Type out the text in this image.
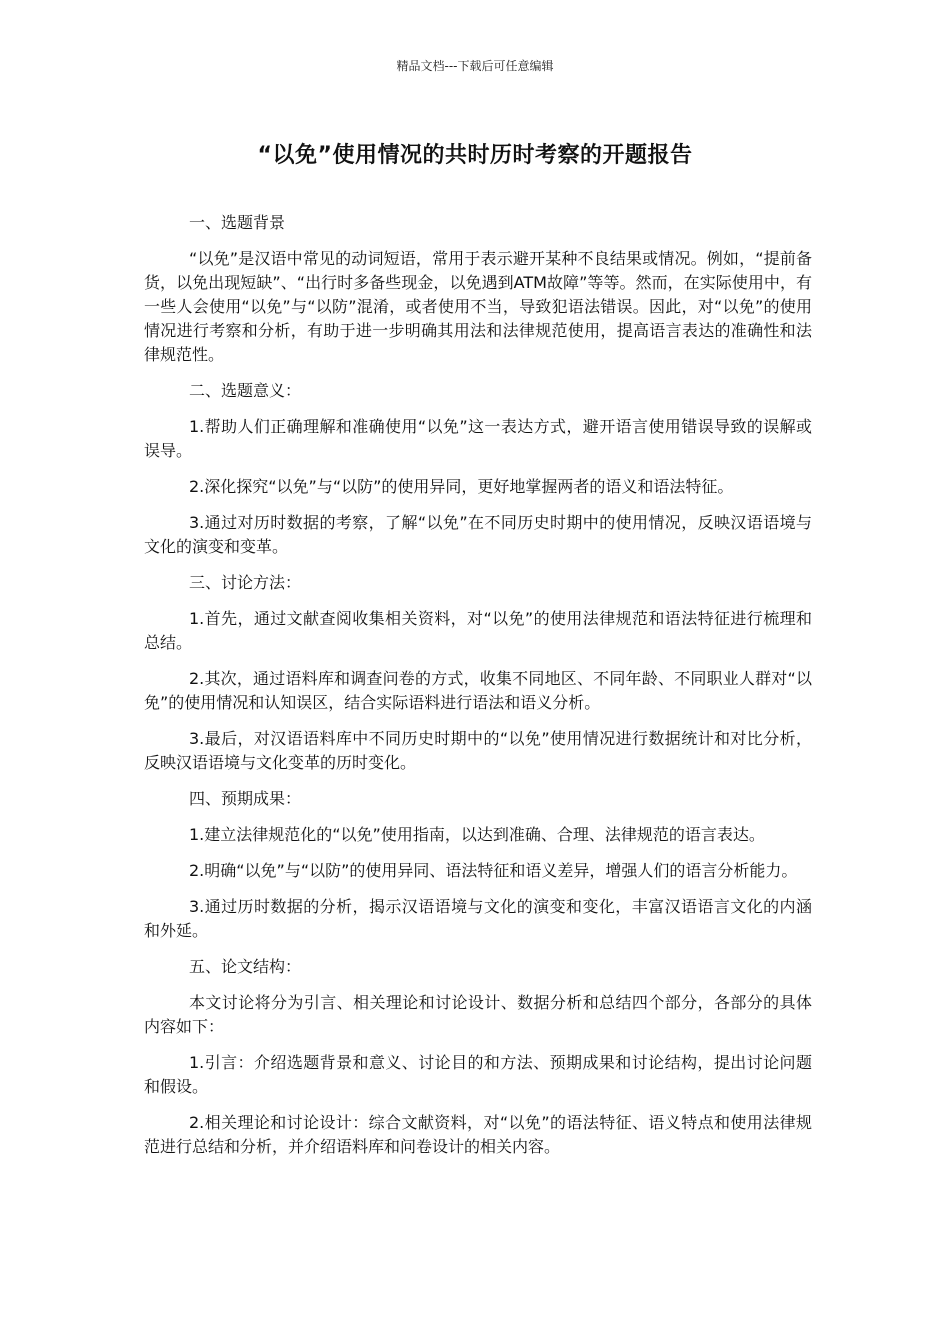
精品文档---下载后可任意编辑
“以免”使用情况的共时历时考察的开题报告

一、选题背景

“以免”是汉语中常见的动词短语，常用于表示避开某种不良结果或情况。例如，“提前备货，以免出现短缺”、“出行时多备些现金，以免遇到ATM故障”等等。然而，在实际使用中，有一些人会使用“以免”与“以防”混淆，或者使用不当，导致犯语法错误。因此，对“以免”的使用情况进行考察和分析，有助于进一步明确其用法和法律规范使用，提高语言表达的准确性和法律规范性。

二、选题意义：

1.帮助人们正确理解和准确使用“以免”这一表达方式，避开语言使用错误导致的误解或误导。

2.深化探究“以免”与“以防”的使用异同，更好地掌握两者的语义和语法特征。

3.通过对历时数据的考察，了解“以免”在不同历史时期中的使用情况，反映汉语语境与文化的演变和变革。

三、讨论方法：

1.首先，通过文献查阅收集相关资料，对“以免”的使用法律规范和语法特征进行梳理和总结。

2.其次，通过语料库和调查问卷的方式，收集不同地区、不同年龄、不同职业人群对“以免”的使用情况和认知误区，结合实际语料进行语法和语义分析。

3.最后，对汉语语料库中不同历史时期中的“以免”使用情况进行数据统计和对比分析，反映汉语语境与文化变革的历时变化。

四、预期成果：

1.建立法律规范化的“以免”使用指南，以达到准确、合理、法律规范的语言表达。

2.明确“以免”与“以防”的使用异同、语法特征和语义差异，增强人们的语言分析能力。

3.通过历时数据的分析，揭示汉语语境与文化的演变和变化，丰富汉语语言文化的内涵和外延。

五、论文结构：

本文讨论将分为引言、相关理论和讨论设计、数据分析和总结四个部分，各部分的具体内容如下：

1.引言：介绍选题背景和意义、讨论目的和方法、预期成果和讨论结构，提出讨论问题和假设。

2.相关理论和讨论设计：综合文献资料，对“以免”的语法特征、语义特点和使用法律规范进行总结和分析，并介绍语料库和问卷设计的相关内容。
